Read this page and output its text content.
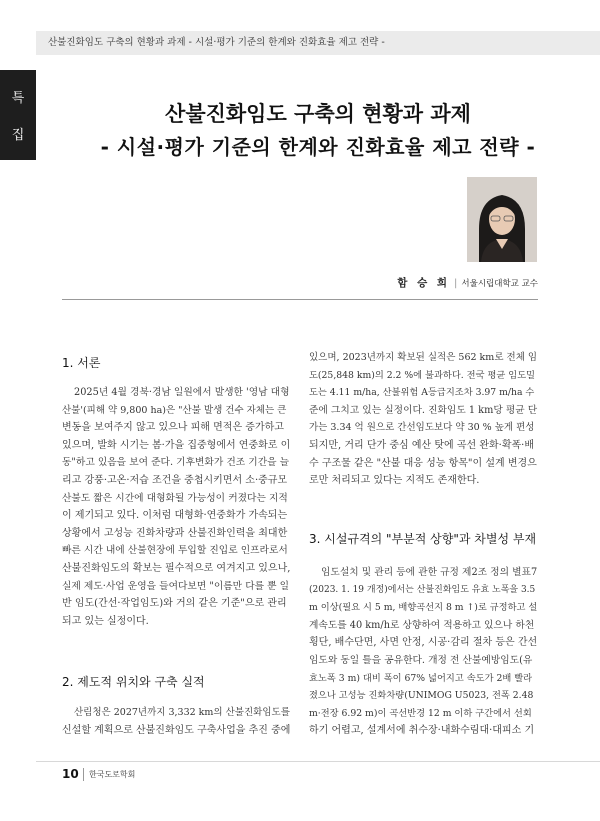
산불진화임도 구축의 현황과 과제 - 시설·평가 기준의 한계와 진화효율 제고 전략 -
특
집
산불진화임도 구축의 현황과 과제
- 시설·평가 기준의 한계와 진화효율 제고 전략 -
함 승 희 | 서울시립대학교 교수
1. 서론
2025년 4월 경북·경남 일원에서 발생한 '영남 대형
산불'(피해 약 9,800 ha)은 "산불 발생 건수 자체는 큰
변동을 보여주지 않고 있으나 피해 면적은 증가하고
있으며, 발화 시기는 봄·가을 집중형에서 연중화로 이
동"하고 있음을 보여 준다. 기후변화가 건조 기간을 늘
리고 강풍·고온·저습 조건을 중첩시키면서 소·중규모
산불도 짧은 시간에 대형화될 가능성이 커졌다는 지적
이 제기되고 있다. 이처럼 대형화·연중화가 가속되는
상황에서 고성능 진화차량과 산불진화인력을 최대한
빠른 시간 내에 산불현장에 투입할 진입로 인프라로서
산불진화임도의 확보는 필수적으로 여겨지고 있으나,
실제 제도·사업 운영을 들여다보면 "이름만 다를 뿐 일
반 임도(간선·작업임도)와 거의 같은 기준"으로 관리
되고 있는 실정이다.
2. 제도적 위치와 구축 실적
산림청은 2027년까지 3,332 km의 산불진화임도를
신설할 계획으로 산불진화임도 구축사업을 추진 중에
있으며, 2023년까지 확보된 실적은 562 km로 전체 임
도(25,848 km)의 2.2 %에 불과하다. 전국 평균 임도밀
도는 4.11 m/ha, 산불위험 A등급지조차 3.97 m/ha 수
준에 그치고 있는 실정이다. 진화임도 1 km당 평균 단
가는 3.34 억 원으로 간선임도보다 약 30 % 높게 편성
되지만, 거리 단가 중심 예산 탓에 곡선 완화·확폭·배
수 구조물 같은 "산불 대응 성능 항목"이 설계 변경으
로만 처리되고 있다는 지적도 존재한다.
3. 시설규격의 "부분적 상향"과 차별성 부재
임도설치 및 관리 등에 관한 규정 제2조 정의 별표7
(2023. 1. 19 개정)에서는 산불진화임도 유효 노폭을 3.5
m 이상(필요 시 5 m, 배향곡선지 8 m ↑)로 규정하고 설
계속도를 40 km/h로 상향하여 적용하고 있으나 하천
횡단, 배수단면, 사면 안정, 시공·감리 절차 등은 간선
임도와 동일 틀을 공유한다. 개정 전 산불예방임도(유
효노폭 3 m) 대비 폭이 67% 넓어지고 속도가 2배 빨라
졌으나 고성능 진화차량(UNIMOG U5023, 전폭 2.48
m·전장 6.92 m)이 곡선반경 12 m 이하 구간에서 선회
하기 어렵고, 설계서에 취수장·내화수림대·대피소 기
10 한국도로학회
